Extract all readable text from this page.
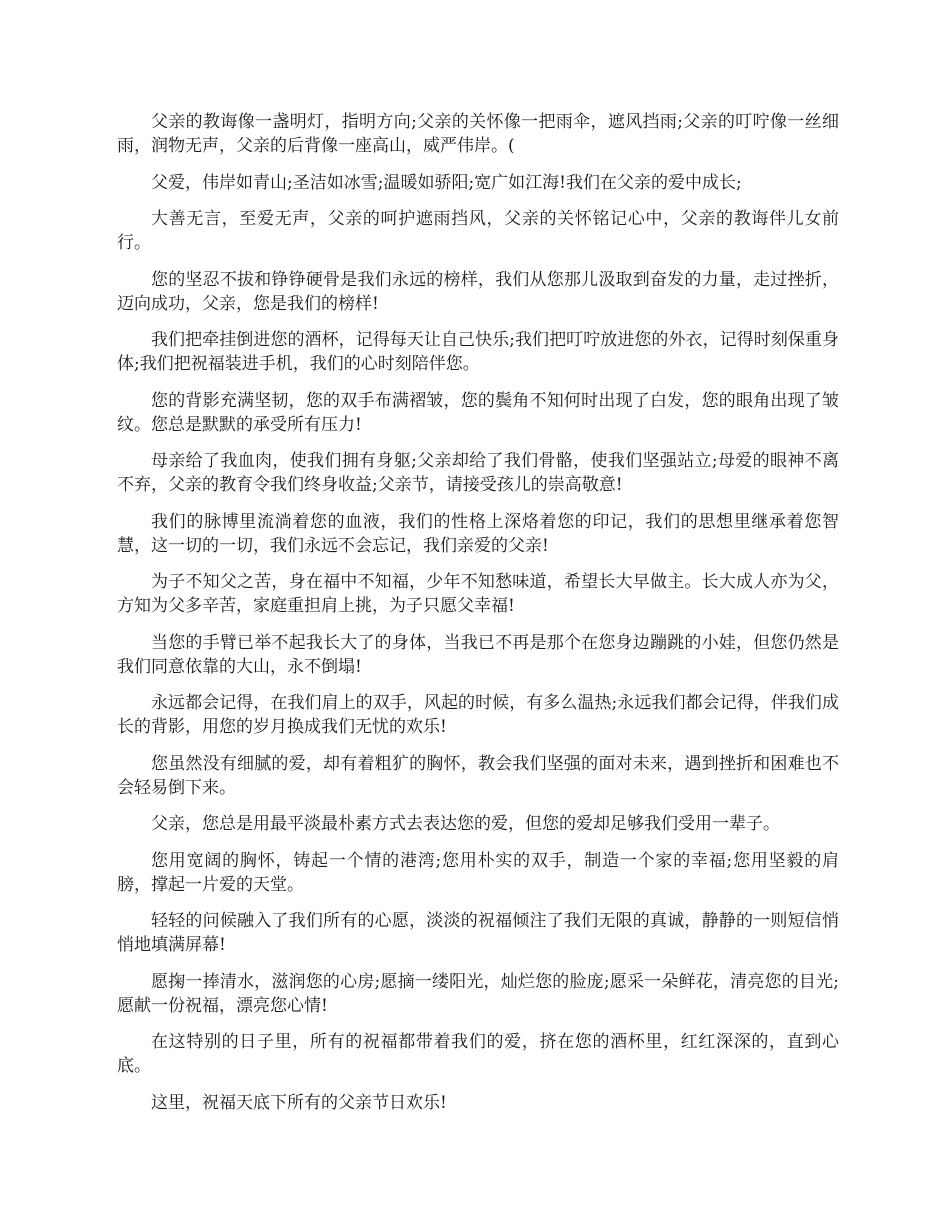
父亲的教诲像一盏明灯，指明方向;父亲的关怀像一把雨伞，遮风挡雨;父亲的叮咛像一丝细雨，润物无声，父亲的后背像一座高山，威严伟岸。(

父爱，伟岸如青山;圣洁如冰雪;温暖如骄阳;宽广如江海!我们在父亲的爱中成长;

大善无言，至爱无声，父亲的呵护遮雨挡风，父亲的关怀铭记心中，父亲的教诲伴儿女前行。

您的坚忍不拔和铮铮硬骨是我们永远的榜样，我们从您那儿汲取到奋发的力量，走过挫折，迈向成功，父亲，您是我们的榜样!

我们把牵挂倒进您的酒杯，记得每天让自己快乐;我们把叮咛放进您的外衣，记得时刻保重身体;我们把祝福装进手机，我们的心时刻陪伴您。

您的背影充满坚韧，您的双手布满褶皱，您的鬓角不知何时出现了白发，您的眼角出现了皱纹。您总是默默的承受所有压力!

母亲给了我血肉，使我们拥有身躯;父亲却给了我们骨骼，使我们坚强站立;母爱的眼神不离不弃，父亲的教育令我们终身收益;父亲节，请接受孩儿的崇高敬意!

我们的脉博里流淌着您的血液，我们的性格上深烙着您的印记，我们的思想里继承着您智慧，这一切的一切，我们永远不会忘记，我们亲爱的父亲!

为子不知父之苦，身在福中不知福，少年不知愁味道，希望长大早做主。长大成人亦为父，方知为父多辛苦，家庭重担肩上挑，为子只愿父幸福!

当您的手臂已举不起我长大了的身体，当我已不再是那个在您身边蹦跳的小娃，但您仍然是我们同意依靠的大山，永不倒塌!

永远都会记得，在我们肩上的双手，风起的时候，有多么温热;永远我们都会记得，伴我们成长的背影，用您的岁月换成我们无忧的欢乐!

您虽然没有细腻的爱，却有着粗犷的胸怀，教会我们坚强的面对未来，遇到挫折和困难也不会轻易倒下来。

父亲，您总是用最平淡最朴素方式去表达您的爱，但您的爱却足够我们受用一辈子。

您用宽阔的胸怀，铸起一个情的港湾;您用朴实的双手，制造一个家的幸福;您用坚毅的肩膀，撑起一片爱的天堂。

轻轻的问候融入了我们所有的心愿，淡淡的祝福倾注了我们无限的真诚，静静的一则短信悄悄地填满屏幕!

愿掬一捧清水，滋润您的心房;愿摘一缕阳光，灿烂您的脸庞;愿采一朵鲜花，清亮您的目光;愿献一份祝福，漂亮您心情!

在这特别的日子里，所有的祝福都带着我们的爱，挤在您的酒杯里，红红深深的，直到心底。

这里，祝福天底下所有的父亲节日欢乐!
